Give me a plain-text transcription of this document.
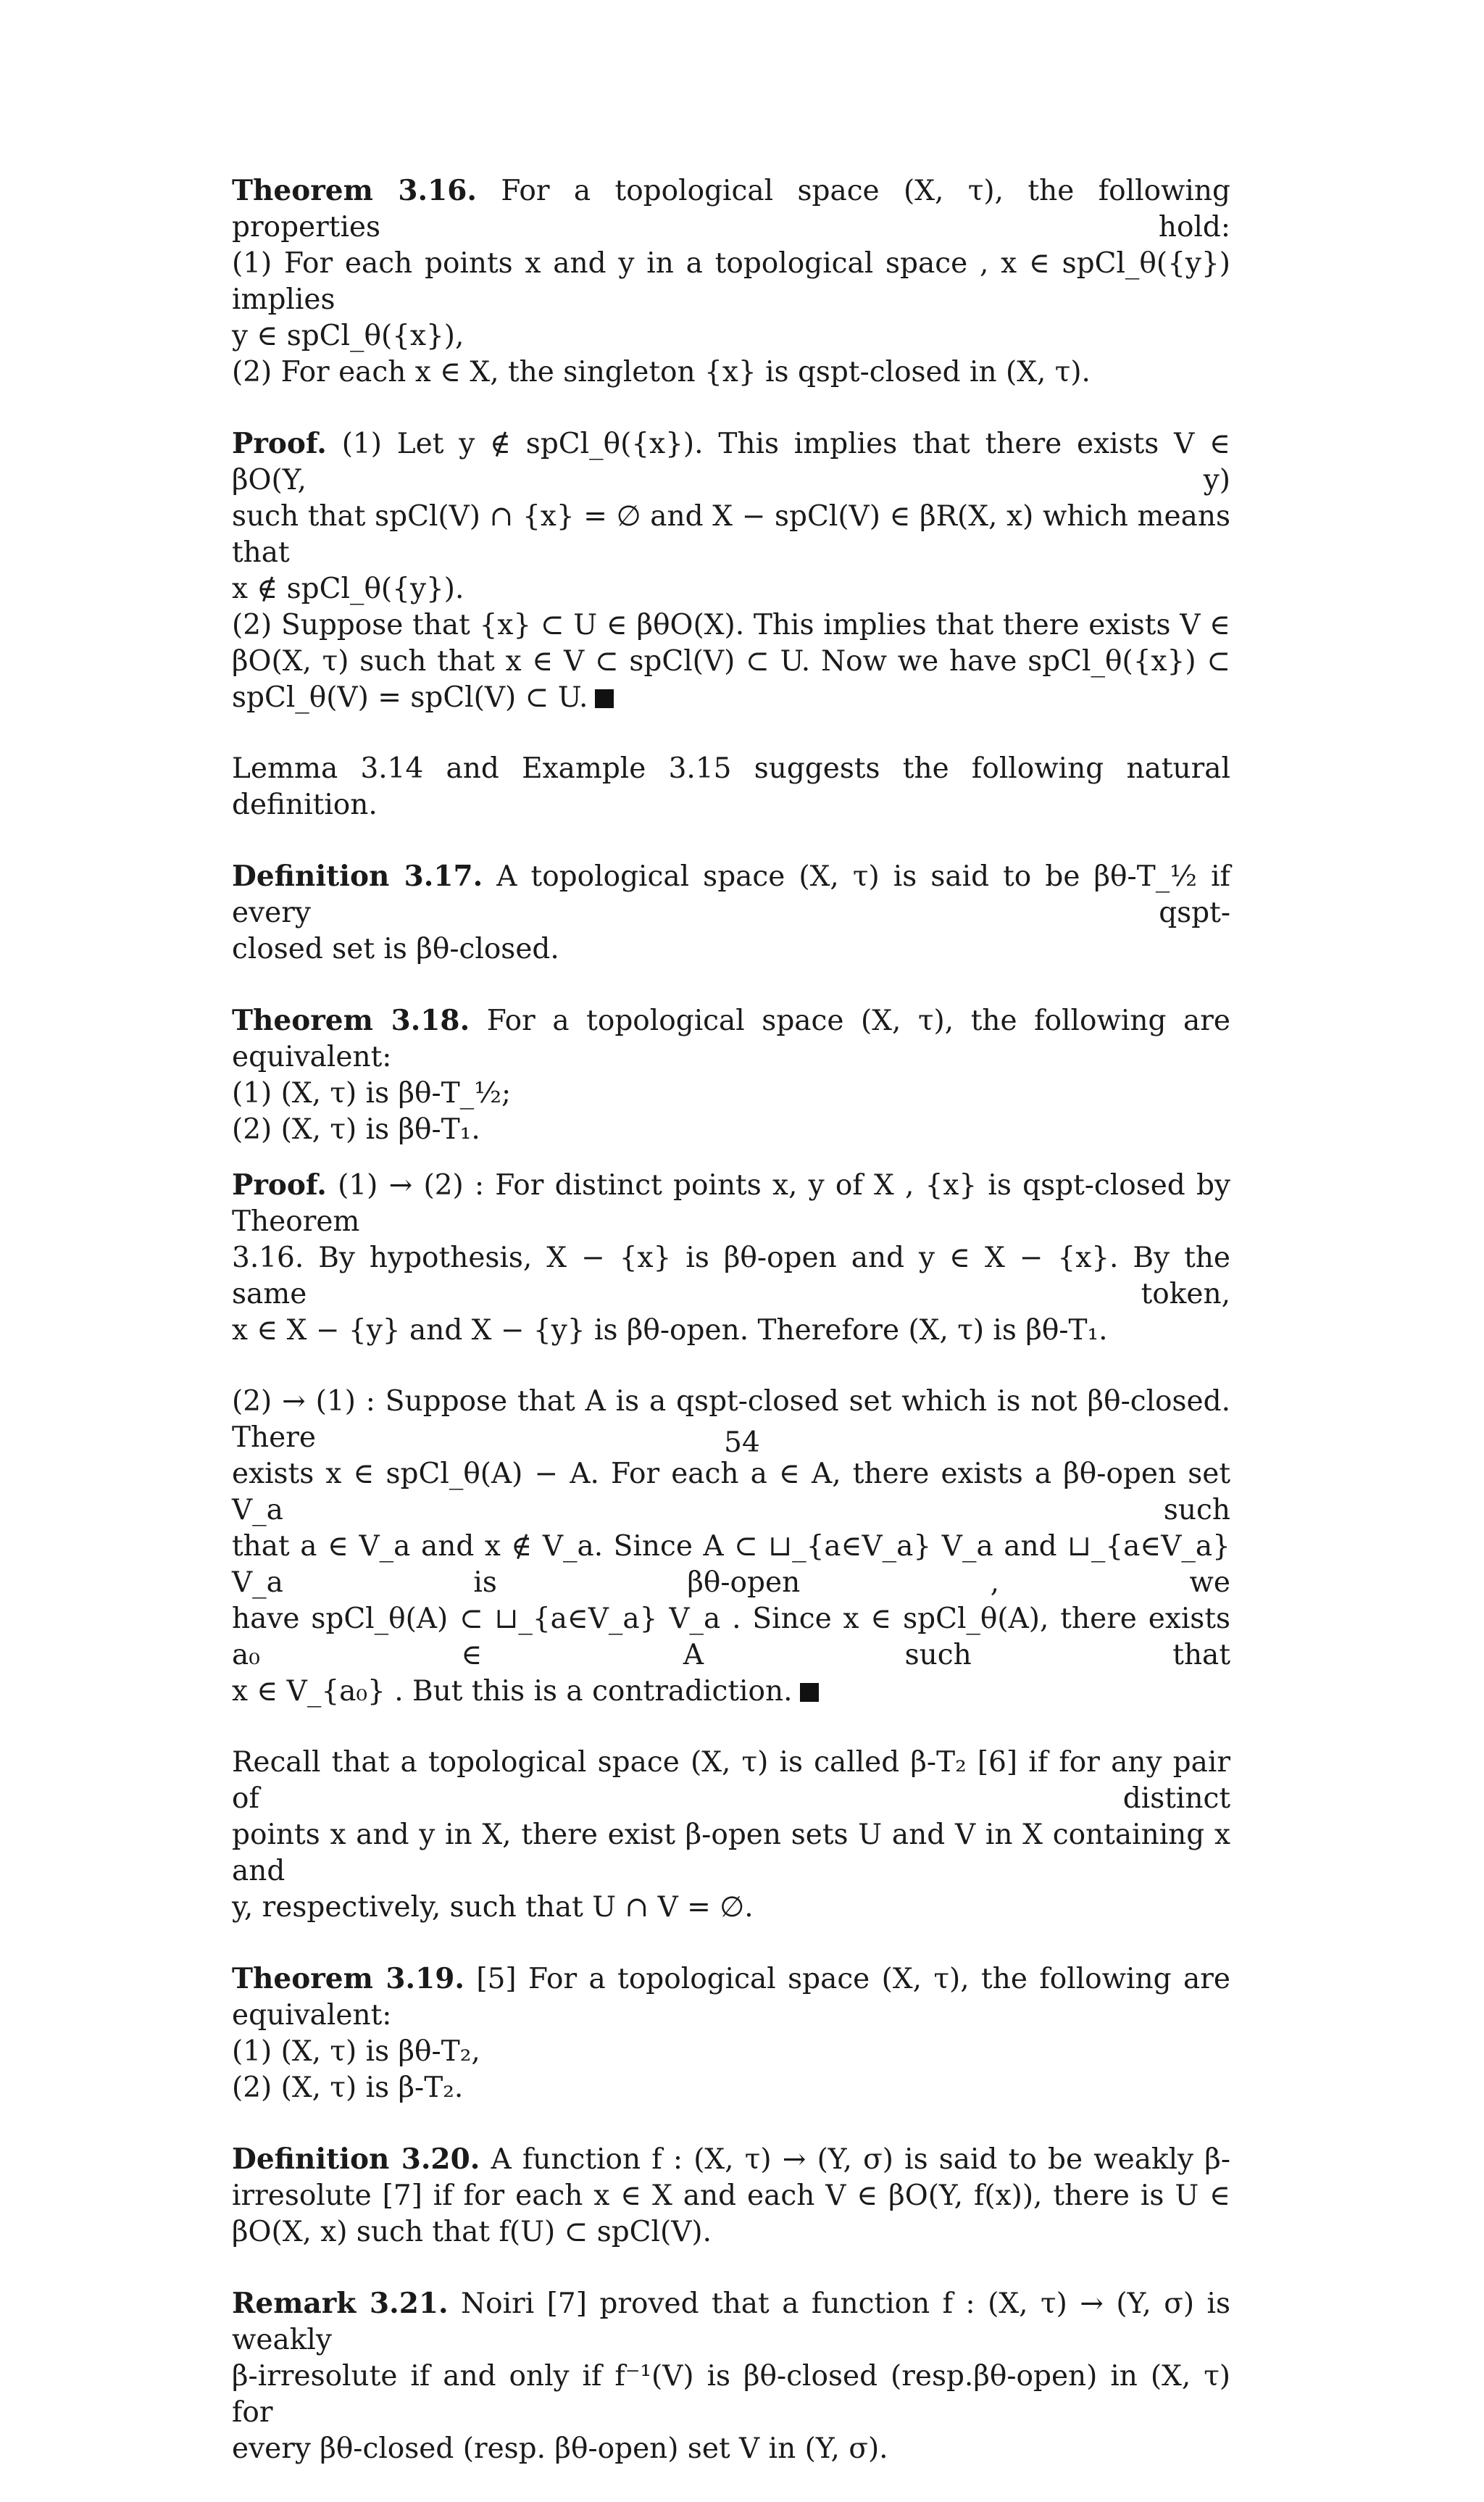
Theorem 3.16. For a topological space (X, τ), the following properties hold:
(1) For each points x and y in a topological space , x ∈ spCl_θ({y}) implies
y ∈ spCl_θ({x}),
(2) For each x ∈ X, the singleton {x} is qspt-closed in (X, τ).
Proof. (1) Let y ∉ spCl_θ({x}). This implies that there exists V ∈ βO(Y, y)
such that spCl(V) ∩ {x} = ∅ and X − spCl(V) ∈ βR(X, x) which means that
x ∉ spCl_θ({y}).
(2) Suppose that {x} ⊂ U ∈ βθO(X). This implies that there exists V ∈
βO(X, τ) such that x ∈ V ⊂ spCl(V) ⊂ U. Now we have spCl_θ({x}) ⊂
spCl_θ(V) = spCl(V) ⊂ U.
Lemma 3.14 and Example 3.15 suggests the following natural definition.
Definition 3.17. A topological space (X, τ) is said to be βθ-T_½ if every qspt-
closed set is βθ-closed.
Theorem 3.18. For a topological space (X, τ), the following are equivalent:
(1) (X, τ) is βθ-T_½;
(2) (X, τ) is βθ-T₁.
Proof. (1) → (2) : For distinct points x, y of X , {x} is qspt-closed by Theorem
3.16. By hypothesis, X − {x} is βθ-open and y ∈ X − {x}. By the same token,
x ∈ X − {y} and X − {y} is βθ-open. Therefore (X, τ) is βθ-T₁.
(2) → (1) : Suppose that A is a qspt-closed set which is not βθ-closed. There
exists x ∈ spCl_θ(A) − A. For each a ∈ A, there exists a βθ-open set V_a such
that a ∈ V_a and x ∉ V_a. Since A ⊂ ⊔_{a∈V_a} V_a and ⊔_{a∈V_a} V_a is βθ-open , we
have spCl_θ(A) ⊂ ⊔_{a∈V_a} V_a . Since x ∈ spCl_θ(A), there exists a₀ ∈ A such that
x ∈ V_{a₀} . But this is a contradiction.
Recall that a topological space (X, τ) is called β-T₂ [6] if for any pair of distinct
points x and y in X, there exist β-open sets U and V in X containing x and
y, respectively, such that U ∩ V = ∅.
Theorem 3.19. [5] For a topological space (X, τ), the following are equivalent:
(1) (X, τ) is βθ-T₂,
(2) (X, τ) is β-T₂.
Definition 3.20. A function f : (X, τ) → (Y, σ) is said to be weakly β-
irresolute [7] if for each x ∈ X and each V ∈ βO(Y, f(x)), there is U ∈
βO(X, x) such that f(U) ⊂ spCl(V).
Remark 3.21. Noiri [7] proved that a function f : (X, τ) → (Y, σ) is weakly
β-irresolute if and only if f⁻¹(V) is βθ-closed (resp.βθ-open) in (X, τ) for
every βθ-closed (resp. βθ-open) set V in (Y, σ).
54
